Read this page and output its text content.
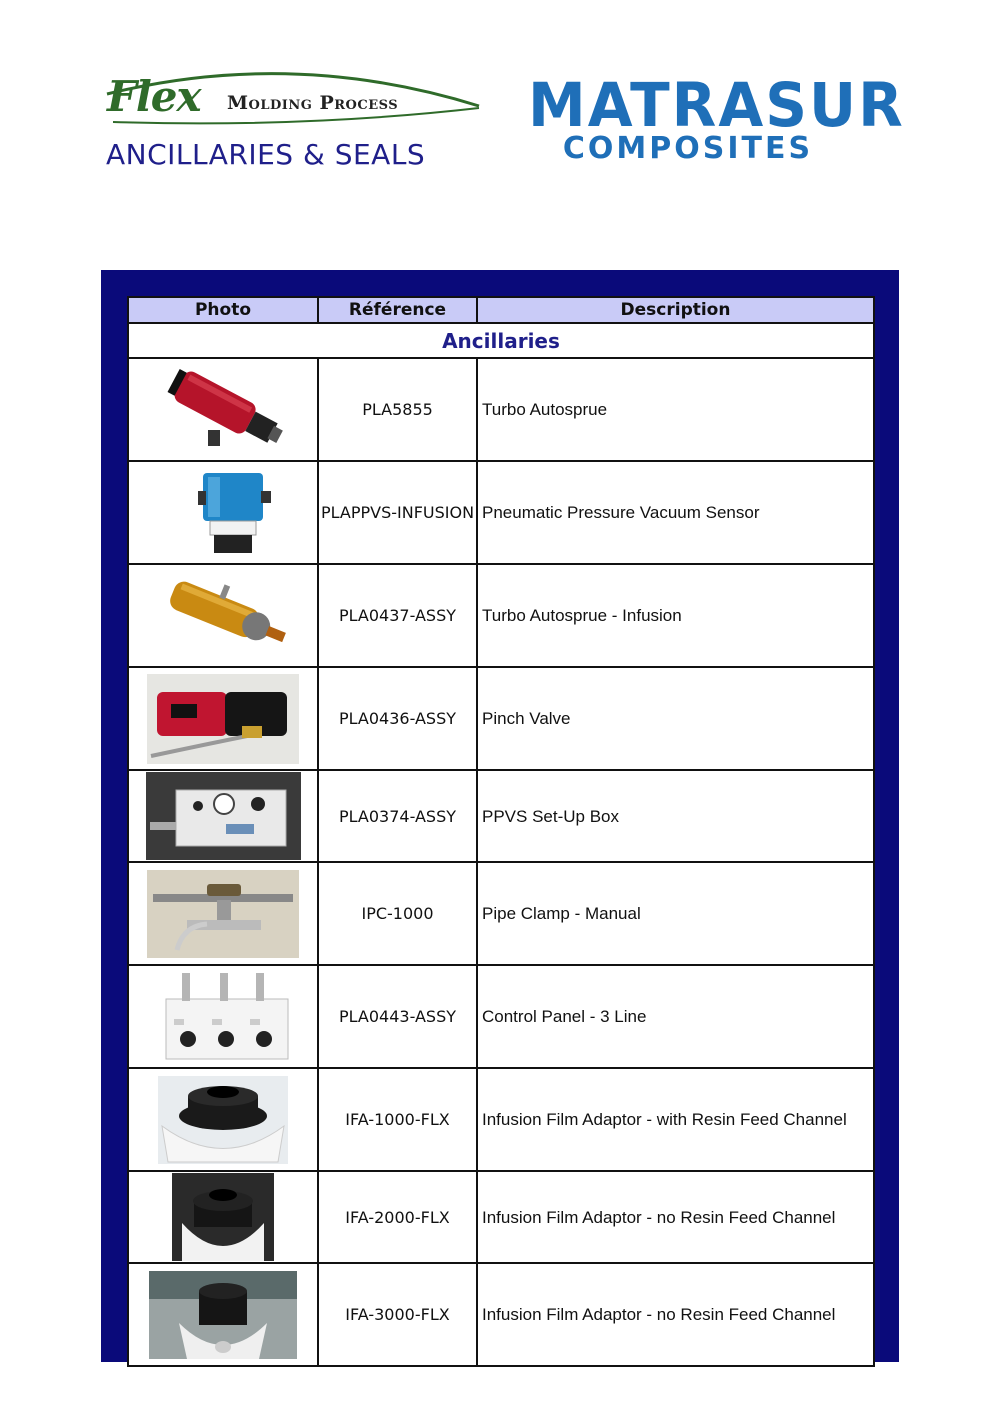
Flex Molding Process
ANCILLARIES & SEALS
MATRASUR
COMPOSITES
Photo	Référence	Description
Ancillaries		

	PLA5855	Turbo Autosprue

	PLAPPVS-INFUSION	Pneumatic Pressure Vacuum Sensor

	PLA0437-ASSY	Turbo Autosprue - Infusion

	PLA0436-ASSY	Pinch Valve

	PLA0374-ASSY	PPVS Set-Up Box

	IPC-1000	Pipe Clamp - Manual

	PLA0443-ASSY	Control Panel - 3 Line

	IFA-1000-FLX	Infusion Film Adaptor - with Resin Feed Channel

	IFA-2000-FLX	Infusion Film Adaptor - no Resin Feed Channel

	IFA-3000-FLX	Infusion Film Adaptor - no Resin Feed Channel
